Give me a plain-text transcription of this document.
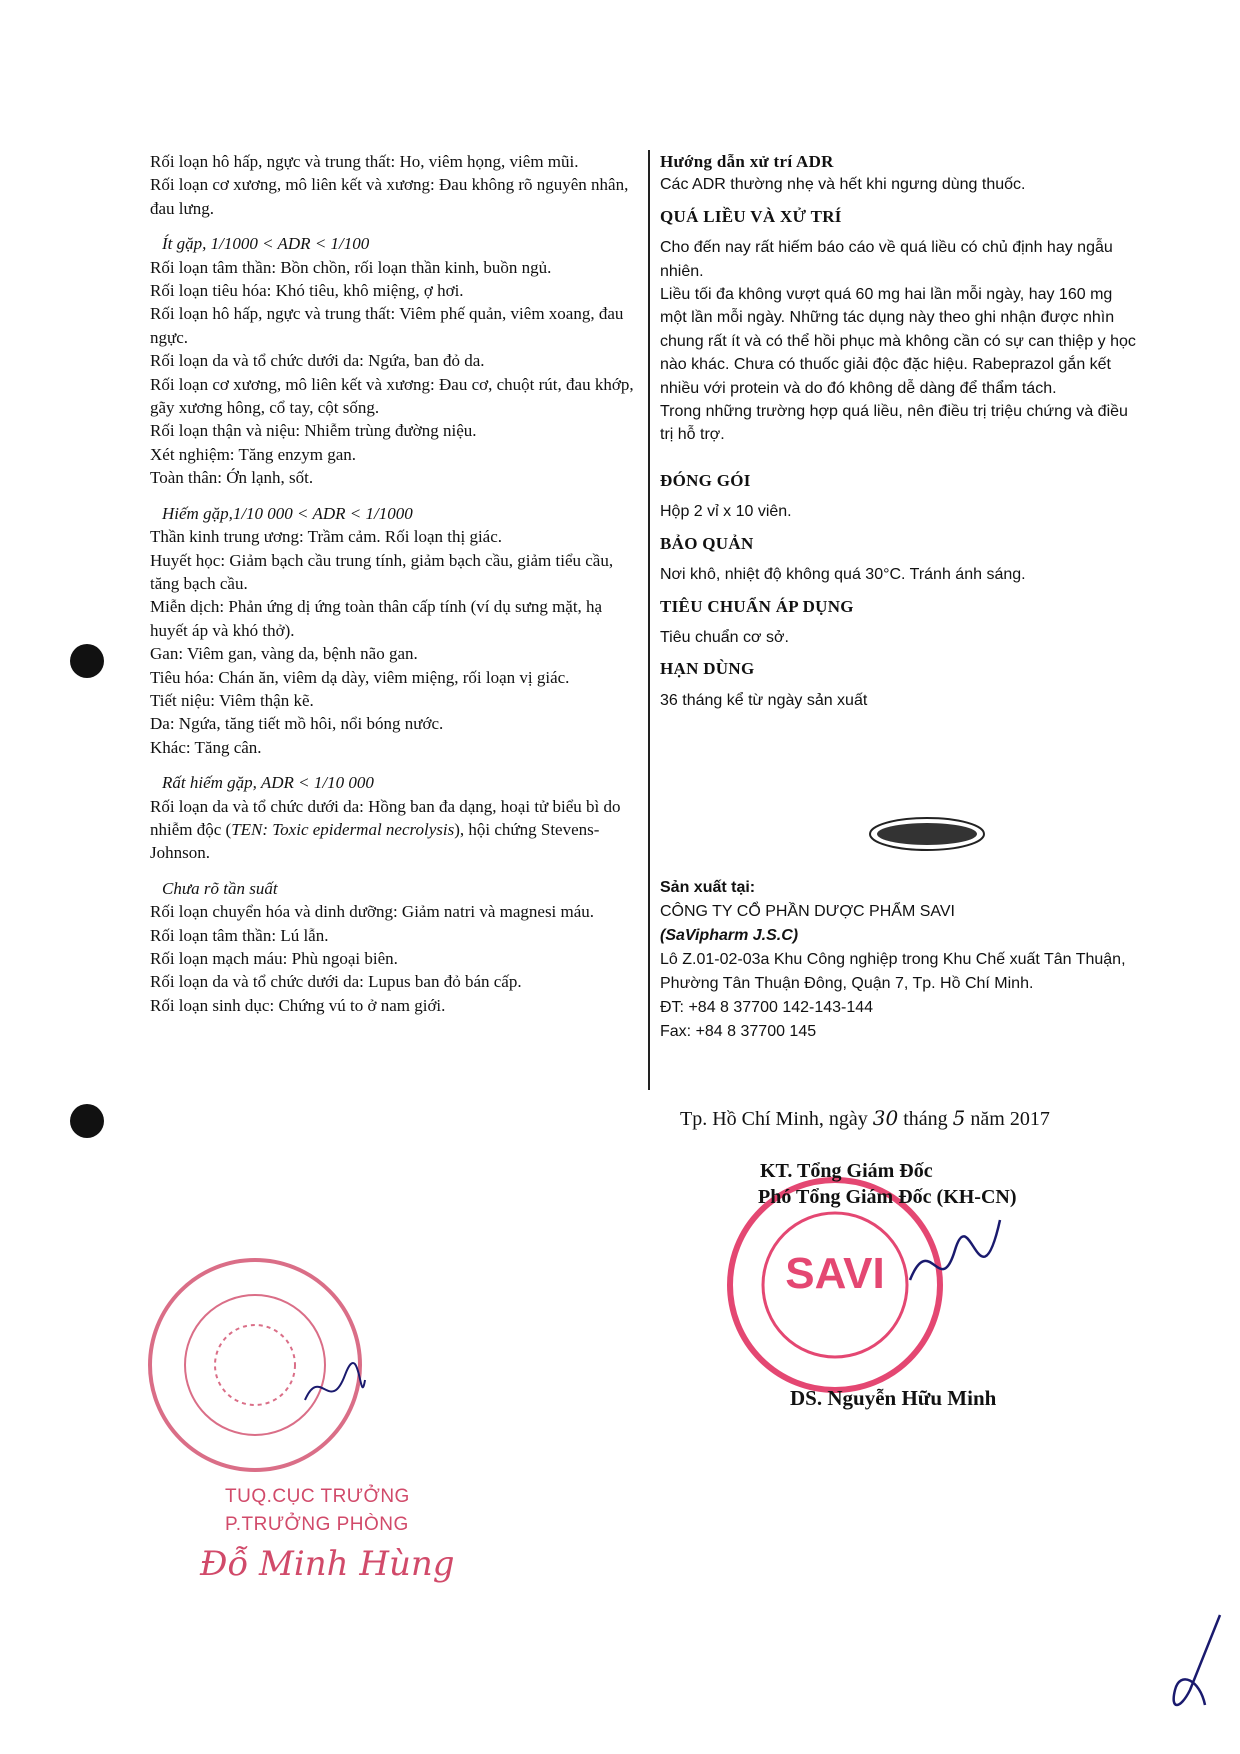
Rối loạn hô hấp, ngực và trung thất: Ho, viêm họng, viêm mũi.

Rối loạn cơ xương, mô liên kết và xương: Đau không rõ nguyên nhân, đau lưng.

Ít gặp, 1/1000 < ADR < 1/100

Rối loạn tâm thần: Bồn chồn, rối loạn thần kinh, buồn ngủ.

Rối loạn tiêu hóa: Khó tiêu, khô miệng, ợ hơi.

Rối loạn hô hấp, ngực và trung thất: Viêm phế quản, viêm xoang, đau ngực.

Rối loạn da và tổ chức dưới da: Ngứa, ban đỏ da.

Rối loạn cơ xương, mô liên kết và xương: Đau cơ, chuột rút, đau khớp, gãy xương hông, cổ tay, cột sống.

Rối loạn thận và niệu: Nhiễm trùng đường niệu.

Xét nghiệm: Tăng enzym gan.

Toàn thân: Ớn lạnh, sốt.

Hiếm gặp,1/10 000 < ADR < 1/1000

Thần kinh trung ương: Trầm cảm. Rối loạn thị giác.

Huyết học: Giảm bạch cầu trung tính, giảm bạch cầu, giảm tiểu cầu, tăng bạch cầu.

Miễn dịch: Phản ứng dị ứng toàn thân cấp tính (ví dụ sưng mặt, hạ huyết áp và khó thở).

Gan: Viêm gan, vàng da, bệnh não gan.

Tiêu hóa: Chán ăn, viêm dạ dày, viêm miệng, rối loạn vị giác.

Tiết niệu: Viêm thận kẽ.

Da: Ngứa, tăng tiết mồ hôi, nổi bóng nước.

Khác: Tăng cân.

Rất hiếm gặp, ADR < 1/10 000

Rối loạn da và tổ chức dưới da: Hồng ban đa dạng, hoại tử biểu bì do nhiễm độc (TEN: Toxic epidermal necrolysis), hội chứng Stevens-Johnson.

Chưa rõ tần suất

Rối loạn chuyển hóa và dinh dưỡng: Giảm natri và magnesi máu.

Rối loạn tâm thần: Lú lẫn.

Rối loạn mạch máu: Phù ngoại biên.

Rối loạn da và tổ chức dưới da: Lupus ban đỏ bán cấp.

Rối loạn sinh dục: Chứng vú to ở nam giới.

Hướng dẫn xử trí ADR

Các ADR thường nhẹ và hết khi ngưng dùng thuốc.

QUÁ LIỀU VÀ XỬ TRÍ

Cho đến nay rất hiếm báo cáo về quá liều có chủ định hay ngẫu nhiên.

Liều tối đa không vượt quá 60 mg hai lần mỗi ngày, hay 160 mg một lần mỗi ngày. Những tác dụng này theo ghi nhận được nhìn chung rất ít và có thể hồi phục mà không cần có sự can thiệp y học nào khác. Chưa có thuốc giải độc đặc hiệu. Rabeprazol gắn kết nhiều với protein và do đó không dễ dàng để thẩm tách.

Trong những trường hợp quá liều, nên điều trị triệu chứng và điều trị hỗ trợ.

ĐÓNG GÓI

Hộp 2 vỉ x 10 viên.

BẢO QUẢN

Nơi khô, nhiệt độ không quá 30°C. Tránh ánh sáng.

TIÊU CHUẨN ÁP DỤNG

Tiêu chuẩn cơ sở.

HẠN DÙNG

36 tháng kể từ ngày sản xuất

Sản xuất tại:
CÔNG TY CỔ PHẦN DƯỢC PHẨM SAVI
(SaVipharm J.S.C)
Lô Z.01-02-03a Khu Công nghiệp trong Khu Chế xuất Tân Thuận, Phường Tân Thuận Đông, Quận 7, Tp. Hồ Chí Minh.
ĐT: +84 8 37700 142-143-144
Fax: +84 8 37700 145
Tp. Hồ Chí Minh, ngày 30 tháng 5 năm 2017
SAVI
KT. Tổng Giám Đốc
Phó Tổng Giám Đốc (KH-CN)
DS. Nguyễn Hữu Minh
TUQ.CỤC TRƯỞNG
P.TRƯỞNG PHÒNG
Đỗ Minh Hùng
